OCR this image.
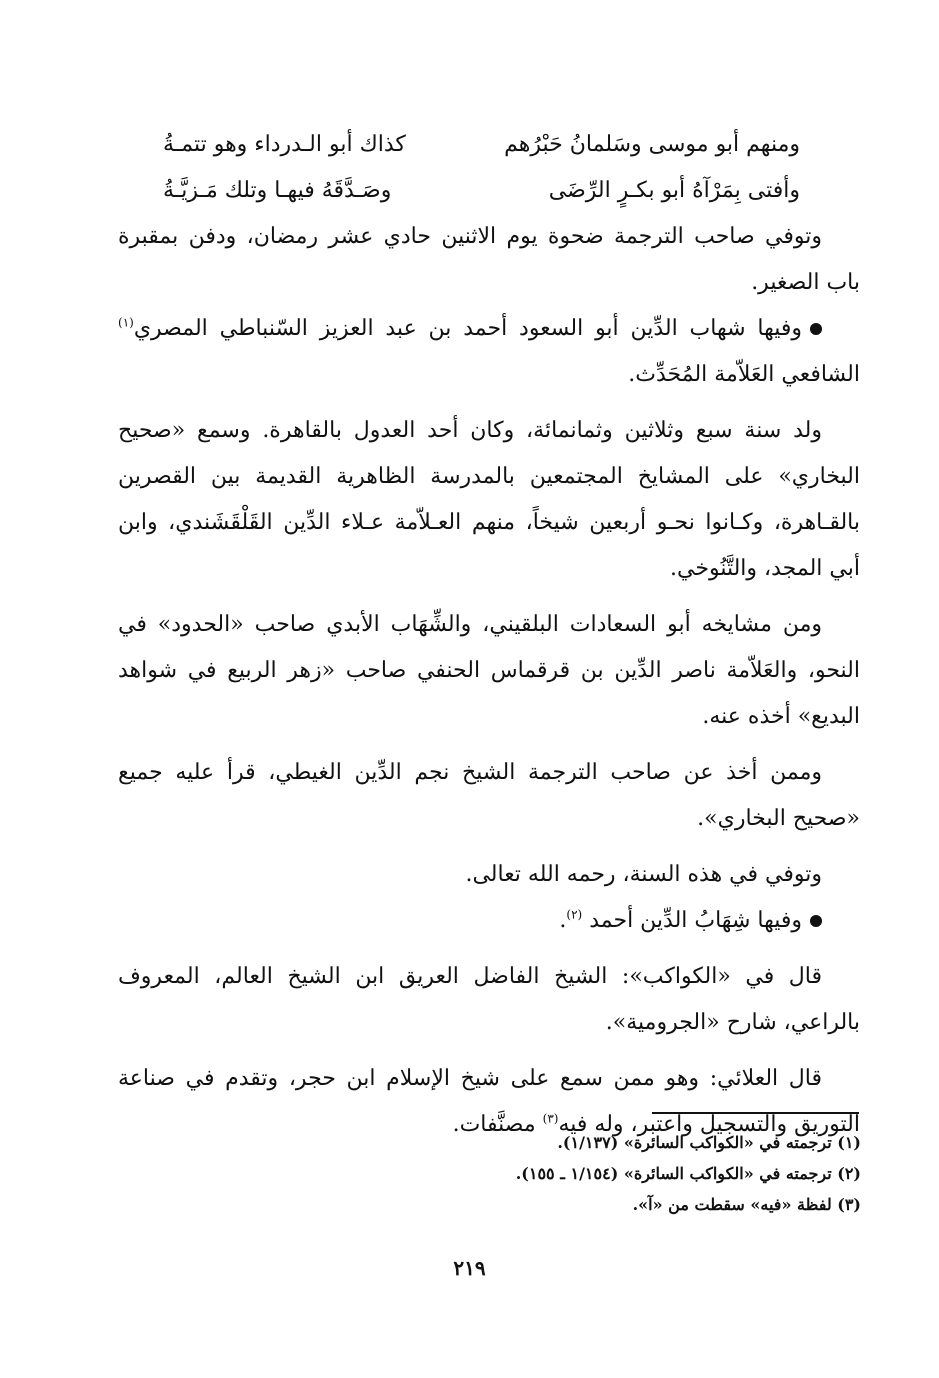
ومنهم أبو موسى وسَلمانُ حَبْرُهم
كذاك أبو الـدرداء وهو تتمـةُ
وأفتى بِمَرْآهُ أبو بكـرٍ الرِّضَى
وصَـدَّقَهُ فيهـا وتلك مَـزيَّـةُ

وتوفي صاحب الترجمة ضحوة يوم الاثنين حادي عشر رمضان، ودفن بمقبرة باب الصغير.

وفيها شهاب الدِّين أبو السعود أحمد بن عبد العزيز السّنباطي المصري$^{(١)}$ الشافعي العَلاّمة المُحَدِّث.

ولد سنة سبع وثلاثين وثمانمائة، وكان أحد العدول بالقاهرة. وسمع «صحيح البخاري» على المشايخ المجتمعين بالمدرسة الظاهرية القديمة بين القصرين بالقـاهرة، وكـانوا نحـو أربعين شيخاً، منهم العـلاّمة عـلاء الدِّين القَلْقَشَندي، وابن أبي المجد، والتَّنُوخي.

ومن مشايخه أبو السعادات البلقيني، والشِّهَاب الأبدي صاحب «الحدود» في النحو، والعَلاّمة ناصر الدِّين بن قرقماس الحنفي صاحب «زهر الربيع في شواهد البديع» أخذه عنه.

وممن أخذ عن صاحب الترجمة الشيخ نجم الدِّين الغيطي، قرأ عليه جميع «صحيح البخاري».

وتوفي في هذه السنة، رحمه الله تعالى.

وفيها شِهَابُ الدِّين أحمد $^{(٢)}$.

قال في «الكواكب»: الشيخ الفاضل العريق ابن الشيخ العالم، المعروف بالراعي، شارح «الجرومية».

قال العلائي: وهو ممن سمع على شيخ الإسلام ابن حجر، وتقدم في صناعة التوريق والتسجيل واعتبر، وله فيه$^{(٣)}$ مصنَّفات.

(١) ترجمته في «الكواكب السائرة» (١/١٣٧).
(٢) ترجمته في «الكواكب السائرة» (١/١٥٤ ـ ١٥٥).
(٣) لفظة «فيه» سقطت من «آ».
٢١٩
